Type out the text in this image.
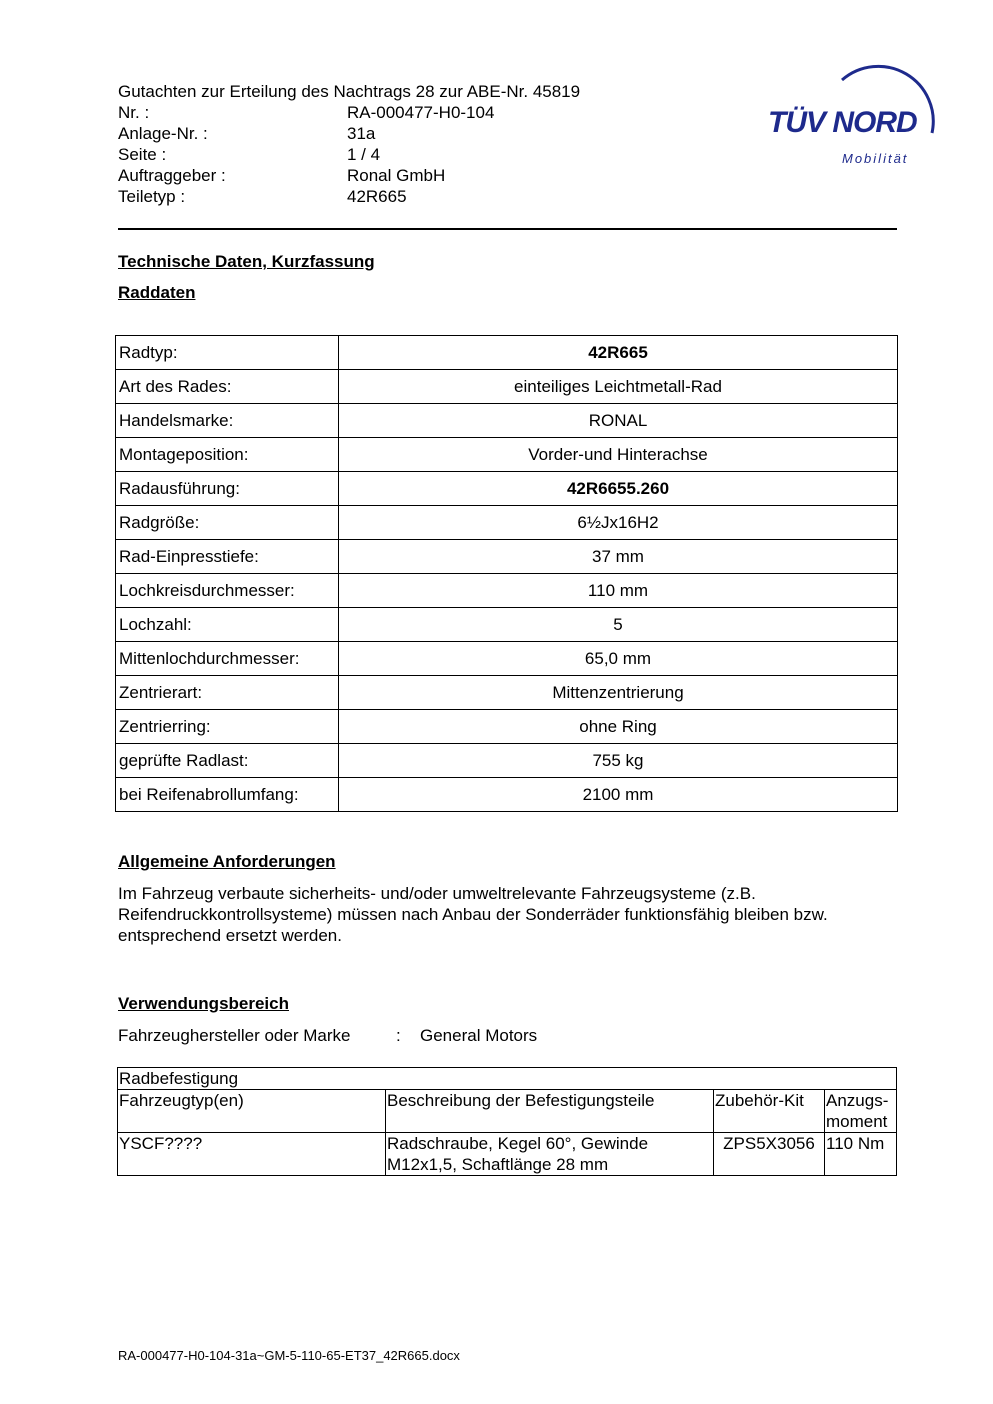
Gutachten zur Erteilung des Nachtrags 28 zur ABE-Nr. 45819
Nr. :	RA-000477-H0-104
Anlage-Nr. :	31a
Seite :	1 / 4
Auftraggeber :	Ronal GmbH
Teiletyp :	42R665
TÜV NORD
Mobilität
Technische Daten, Kurzfassung
Raddaten
Radtyp:	42R665
Art des Rades:	einteiliges Leichtmetall-Rad
Handelsmarke:	RONAL
Montageposition:	Vorder-und Hinterachse
Radausführung:	42R6655.260
Radgröße:	6½Jx16H2
Rad-Einpresstiefe:	37 mm
Lochkreisdurchmesser:	110 mm
Lochzahl:	5
Mittenlochdurchmesser:	65,0 mm
Zentrierart:	Mittenzentrierung
Zentrierring:	ohne Ring
geprüfte Radlast:	755 kg
bei Reifenabrollumfang:	2100 mm
Allgemeine Anforderungen
Im Fahrzeug verbaute sicherheits- und/oder umweltrelevante Fahrzeugsysteme (z.B.
Reifendruckkontrollsysteme) müssen nach Anbau der Sonderräder funktionsfähig bleiben bzw.
entsprechend ersetzt werden.
Verwendungsbereich
Fahrzeughersteller oder Marke	:	General Motors
Radbefestigung			
Fahrzeugtyp(en)	Beschreibung der Befestigungsteile	Zubehör-Kit	Anzugs-
moment

YSCF????	Radschraube, Kegel 60°, Gewinde
M12x1,5, Schaftlänge 28 mm	ZPS5X3056	110 Nm
RA-000477-H0-104-31a~GM-5-110-65-ET37_42R665.docx
